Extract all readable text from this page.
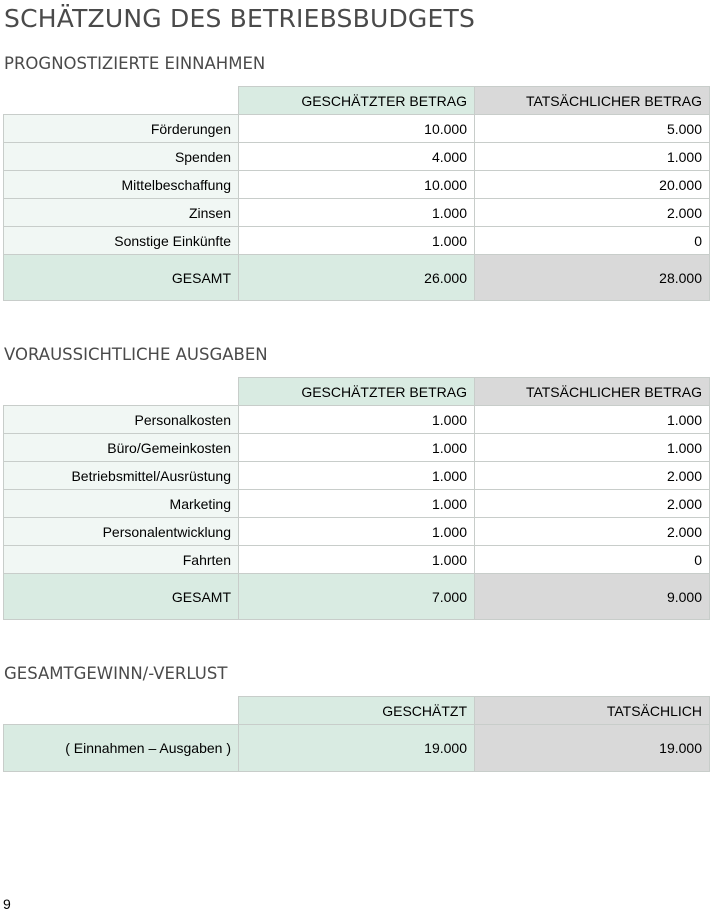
SCHÄTZUNG DES BETRIEBSBUDGETS
PROGNOSTIZIERTE EINNAHMEN
	GESCHÄTZTER BETRAG	TATSÄCHLICHER BETRAG
Förderungen	10.000	5.000
Spenden	4.000	1.000
Mittelbeschaffung	10.000	20.000
Zinsen	1.000	2.000
Sonstige Einkünfte	1.000	0
GESAMT	26.000	28.000
VORAUSSICHTLICHE AUSGABEN
	GESCHÄTZTER BETRAG	TATSÄCHLICHER BETRAG
Personalkosten	1.000	1.000
Büro/Gemeinkosten	1.000	1.000
Betriebsmittel/Ausrüstung	1.000	2.000
Marketing	1.000	2.000
Personalentwicklung	1.000	2.000
Fahrten	1.000	0
GESAMT	7.000	9.000
GESAMTGEWINN/-VERLUST
	GESCHÄTZT	TATSÄCHLICH
( Einnahmen – Ausgaben )	19.000	19.000
9
